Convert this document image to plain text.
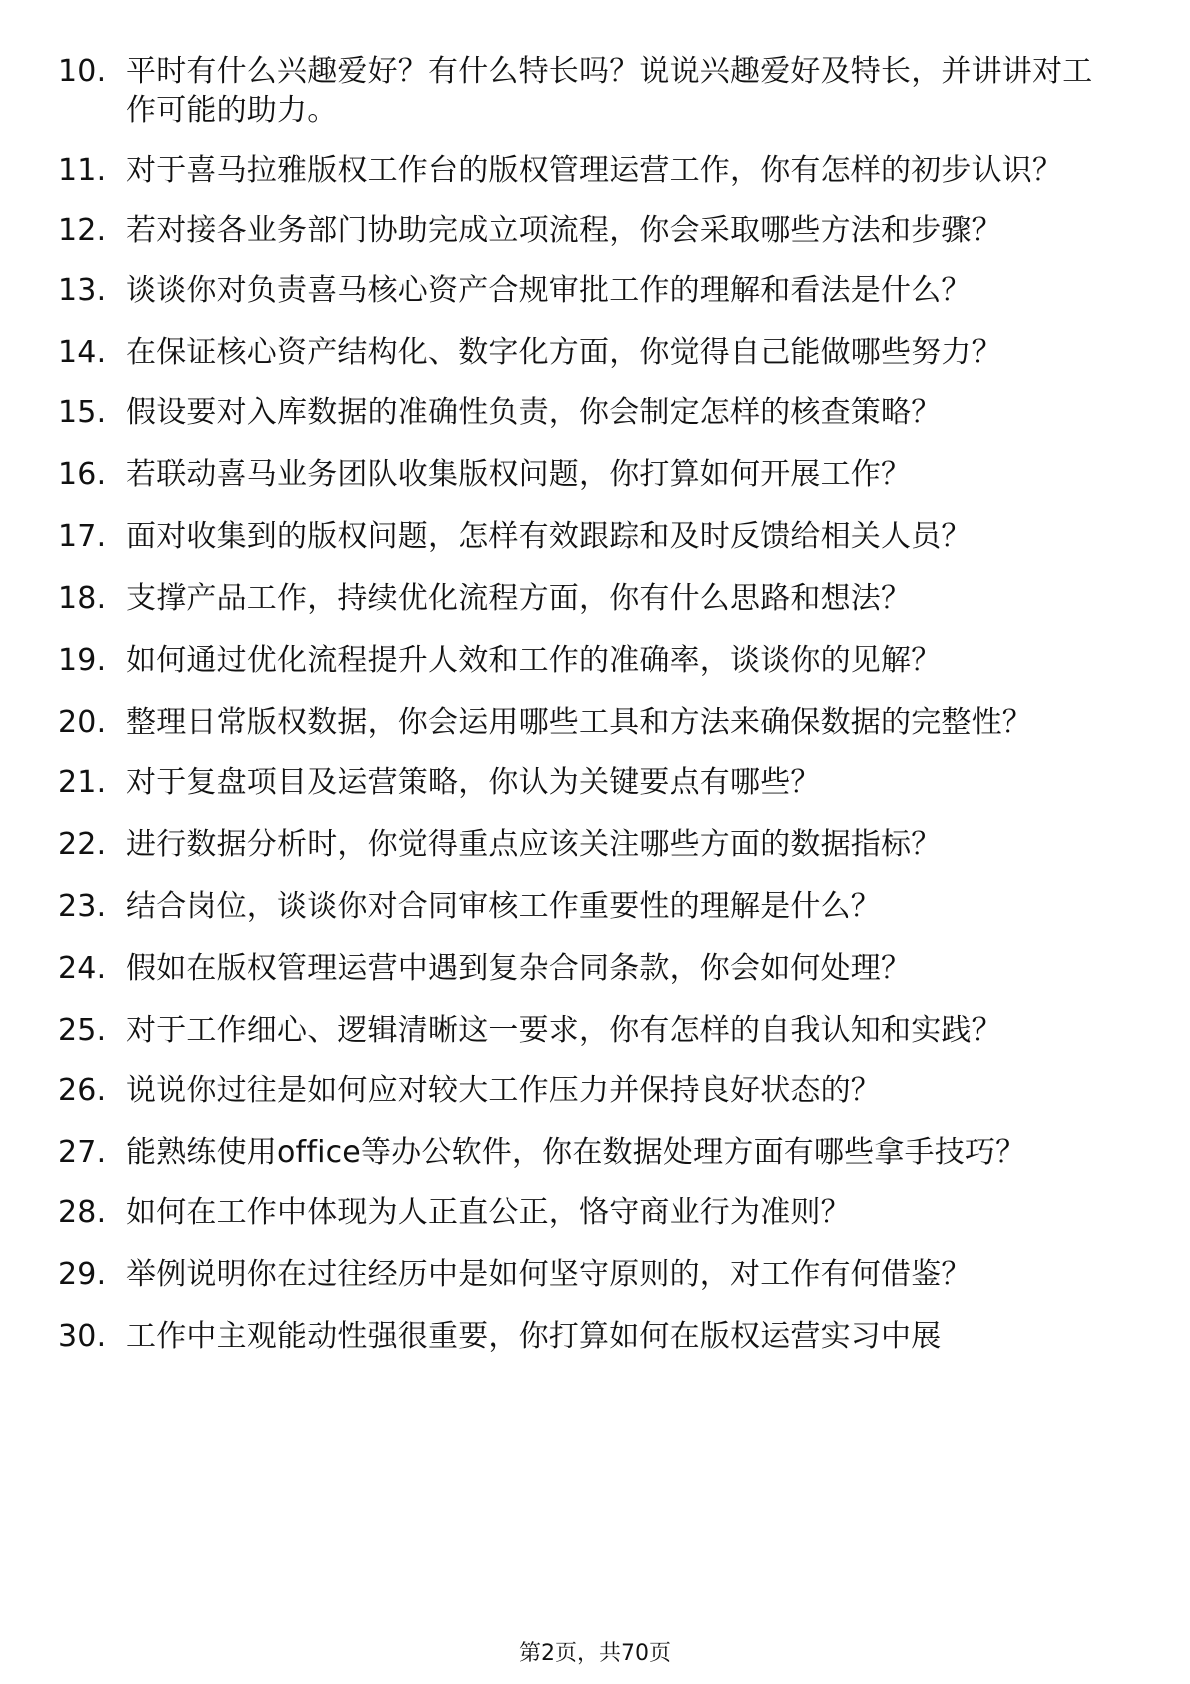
10. 平时有什么兴趣爱好？有什么特长吗？说说兴趣爱好及特长，并讲讲对工作可能的助力。
11. 对于喜马拉雅版权工作台的版权管理运营工作，你有怎样的初步认识？
12. 若对接各业务部门协助完成立项流程，你会采取哪些方法和步骤？
13. 谈谈你对负责喜马核心资产合规审批工作的理解和看法是什么？
14. 在保证核心资产结构化、数字化方面，你觉得自己能做哪些努力？
15. 假设要对入库数据的准确性负责，你会制定怎样的核查策略？
16. 若联动喜马业务团队收集版权问题，你打算如何开展工作？
17. 面对收集到的版权问题，怎样有效跟踪和及时反馈给相关人员？
18. 支撑产品工作，持续优化流程方面，你有什么思路和想法？
19. 如何通过优化流程提升人效和工作的准确率，谈谈你的见解？
20. 整理日常版权数据，你会运用哪些工具和方法来确保数据的完整性？
21. 对于复盘项目及运营策略，你认为关键要点有哪些？
22. 进行数据分析时，你觉得重点应该关注哪些方面的数据指标？
23. 结合岗位，谈谈你对合同审核工作重要性的理解是什么？
24. 假如在版权管理运营中遇到复杂合同条款，你会如何处理？
25. 对于工作细心、逻辑清晰这一要求，你有怎样的自我认知和实践？
26. 说说你过往是如何应对较大工作压力并保持良好状态的？
27. 能熟练使用office等办公软件，你在数据处理方面有哪些拿手技巧？
28. 如何在工作中体现为人正直公正，恪守商业行为准则？
29. 举例说明你在过往经历中是如何坚守原则的，对工作有何借鉴？
30. 工作中主观能动性强很重要，你打算如何在版权运营实习中展
第2页，共70页
